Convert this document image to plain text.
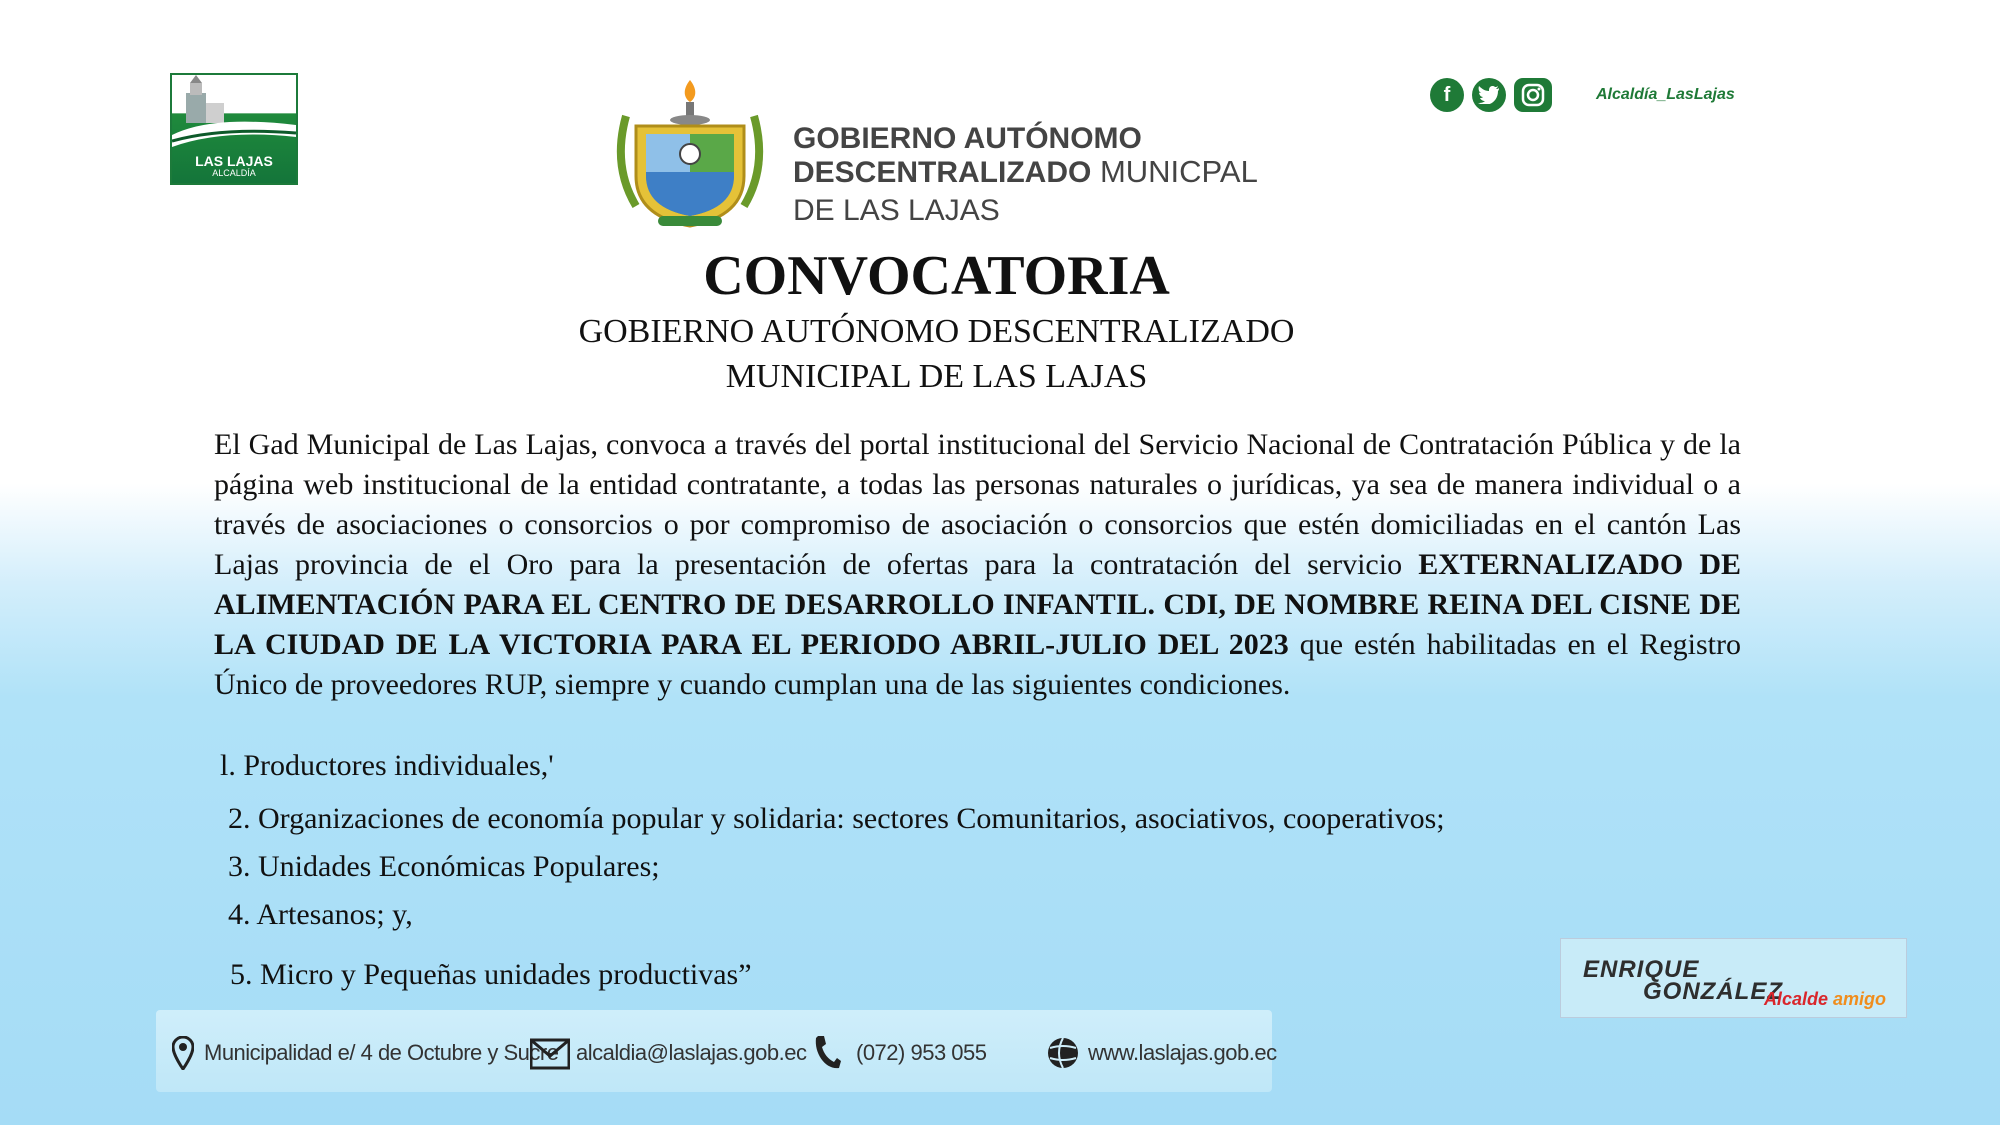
LAS LAJAS
ALCALDÍA
GOBIERNO AUTÓNOMO
DESCENTRALIZADO MUNICPAL
DE LAS LAJAS
f	Alcaldía_LasLajas
CONVOCATORIA
GOBIERNO AUTÓNOMO DESCENTRALIZADO
MUNICIPAL DE LAS LAJAS
El Gad Municipal de Las Lajas, convoca a través del portal institucional del Servicio Nacional de Contratación Pública y de la página web institucional de la entidad contratante, a todas las personas naturales o jurídicas, ya sea de manera individual o a través de asociaciones o consorcios o por compromiso de asociación o consorcios que estén domiciliadas en el cantón Las Lajas provincia de el Oro para la presentación de ofertas para la contratación del servicio EXTERNALIZADO DE ALIMENTACIÓN PARA EL CENTRO DE DESARROLLO INFANTIL. CDI, DE NOMBRE REINA DEL CISNE DE LA CIUDAD DE LA VICTORIA PARA EL PERIODO ABRIL-JULIO DEL 2023 que estén habilitadas en el Registro Único de proveedores RUP, siempre y cuando cumplan una de las siguientes condiciones.
l. Productores individuales,'
2. Organizaciones de economía popular y solidaria: sectores Comunitarios, asociativos, cooperativos;
3. Unidades Económicas Populares;
4. Artesanos; y,
5. Micro y Pequeñas unidades productivas”	ENRIQUE
GONZÁLEZ
Alcalde amigo
Municipalidad e/ 4 de Octubre y Sucre alcaldia@laslajas.gob.ec (072) 953 055	www.laslajas.gob.ec
